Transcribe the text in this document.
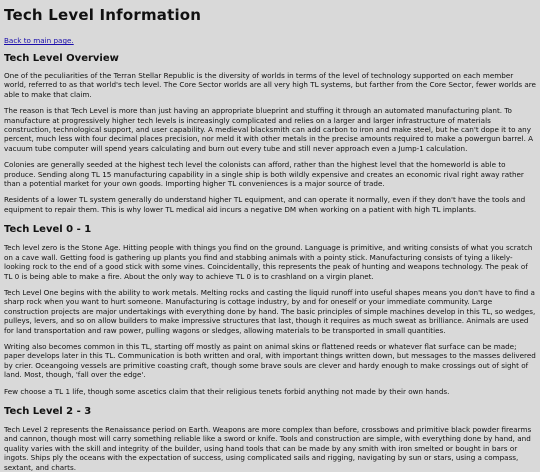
Tech Level Information
Back to main page.
Tech Level Overview

One of the peculiarities of the Terran Stellar Republic is the diversity of worlds in terms of the level of technology supported on each member world, referred to as that world's tech level. The Core Sector worlds are all very high TL systems, but farther from the Core Sector, fewer worlds are able to make that claim.

The reason is that Tech Level is more than just having an appropriate blueprint and stuffing it through an automated manufacturing plant. To manufacture at progressively higher tech levels is increasingly complicated and relies on a larger and larger infrastructure of materials construction, technological support, and user capability. A medieval blacksmith can add carbon to iron and make steel, but he can't dope it to any percent, much less with four decimal places precision, nor meld it with other metals in the precise amounts required to make a powergun barrel. A vacuum tube computer will spend years calculating and burn out every tube and still never approach even a Jump-1 calculation.

Colonies are generally seeded at the highest tech level the colonists can afford, rather than the highest level that the homeworld is able to produce. Sending along TL 15 manufacturing capability in a single ship is both wildly expensive and creates an economic rival right away rather than a potential market for your own goods. Importing higher TL conveniences is a major source of trade.

Residents of a lower TL system generally do understand higher TL equipment, and can operate it normally, even if they don't have the tools and equipment to repair them. This is why lower TL medical aid incurs a negative DM when working on a patient with high TL implants.

Tech Level 0 - 1

Tech level zero is the Stone Age. Hitting people with things you find on the ground. Language is primitive, and writing consists of what you scratch on a cave wall. Getting food is gathering up plants you find and stabbing animals with a pointy stick. Manufacturing consists of tying a likely-looking rock to the end of a good stick with some vines. Coincidentally, this represents the peak of hunting and weapons technology. The peak of TL 0 is being able to make a fire. About the only way to achieve TL 0 is to crashland on a virgin planet.

Tech Level One begins with the ability to work metals. Melting rocks and casting the liquid runoff into useful shapes means you don't have to find a sharp rock when you want to hurt someone. Manufacturing is cottage industry, by and for oneself or your immediate community. Large construction projects are major undertakings with everything done by hand. The basic principles of simple machines develop in this TL, so wedges, pulleys, levers, and so on allow builders to make impressive structures that last, though it requires as much sweat as brilliance. Animals are used for land transportation and raw power, pulling wagons or sledges, allowing materials to be transported in small quantities.

Writing also becomes common in this TL, starting off mostly as paint on animal skins or flattened reeds or whatever flat surface can be made; paper develops later in this TL. Communication is both written and oral, with important things written down, but messages to the masses delivered by crier. Oceangoing vessels are primitive coasting craft, though some brave souls are clever and hardy enough to make crossings out of sight of land. Most, though, 'fall over the edge'.

Few choose a TL 1 life, though some ascetics claim that their religious tenets forbid anything not made by their own hands.

Tech Level 2 - 3

Tech Level 2 represents the Renaissance period on Earth. Weapons are more complex than before, crossbows and primitive black powder firearms and cannon, though most will carry something reliable like a sword or knife. Tools and construction are simple, with everything done by hand, and quality varies with the skill and integrity of the builder, using hand tools that can be made by any smith with iron smelted or bought in bars or ingots. Ships ply the oceans with the expectation of success, using complicated sails and rigging, navigating by sun or stars, using a compass, sextant, and charts.
